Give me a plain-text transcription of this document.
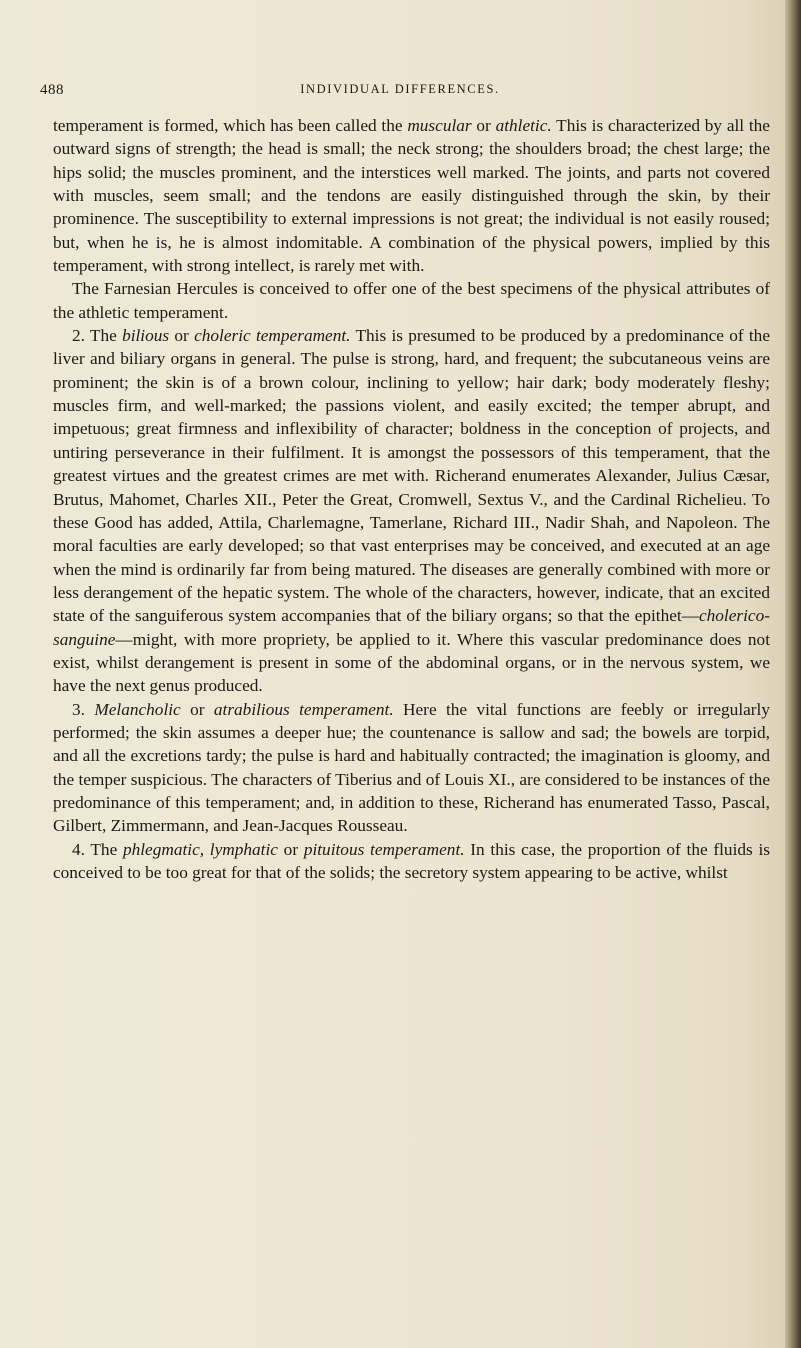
488	INDIVIDUAL DIFFERENCES.

temperament is formed, which has been called the muscular or athletic. This is characterized by all the outward signs of strength; the head is small; the neck strong; the shoulders broad; the chest large; the hips solid; the muscles prominent, and the interstices well marked. The joints, and parts not covered with muscles, seem small; and the tendons are easily distinguished through the skin, by their prominence. The susceptibility to external impressions is not great; the individual is not easily roused; but, when he is, he is almost indomitable. A combination of the physical powers, implied by this temperament, with strong intellect, is rarely met with.

The Farnesian Hercules is conceived to offer one of the best specimens of the physical attributes of the athletic temperament.

2. The bilious or choleric temperament. This is presumed to be produced by a predominance of the liver and biliary organs in general. The pulse is strong, hard, and frequent; the subcutaneous veins are prominent; the skin is of a brown colour, inclining to yellow; hair dark; body moderately fleshy; muscles firm, and well-marked; the passions violent, and easily excited; the temper abrupt, and impetuous; great firmness and inflexibility of character; boldness in the conception of projects, and untiring perseverance in their fulfilment. It is amongst the possessors of this temperament, that the greatest virtues and the greatest crimes are met with. Richerand enumerates Alexander, Julius Cæsar, Brutus, Mahomet, Charles XII., Peter the Great, Cromwell, Sextus V., and the Cardinal Richelieu. To these Good has added, Attila, Charlemagne, Tamerlane, Richard III., Nadir Shah, and Napoleon. The moral faculties are early developed; so that vast enterprises may be conceived, and executed at an age when the mind is ordinarily far from being matured. The diseases are generally combined with more or less derangement of the hepatic system. The whole of the characters, however, indicate, that an excited state of the sanguiferous system accompanies that of the biliary organs; so that the epithet—cholerico-sanguine—might, with more propriety, be applied to it. Where this vascular predominance does not exist, whilst derangement is present in some of the abdominal organs, or in the nervous system, we have the next genus produced.

3. Melancholic or atrabilious temperament. Here the vital functions are feebly or irregularly performed; the skin assumes a deeper hue; the countenance is sallow and sad; the bowels are torpid, and all the excretions tardy; the pulse is hard and habitually contracted; the imagination is gloomy, and the temper suspicious. The characters of Tiberius and of Louis XI., are considered to be instances of the predominance of this temperament; and, in addition to these, Richerand has enumerated Tasso, Pascal, Gilbert, Zimmermann, and Jean-Jacques Rousseau.

4. The phlegmatic, lymphatic or pituitous temperament. In this case, the proportion of the fluids is conceived to be too great for that of the solids; the secretory system appearing to be active, whilst
